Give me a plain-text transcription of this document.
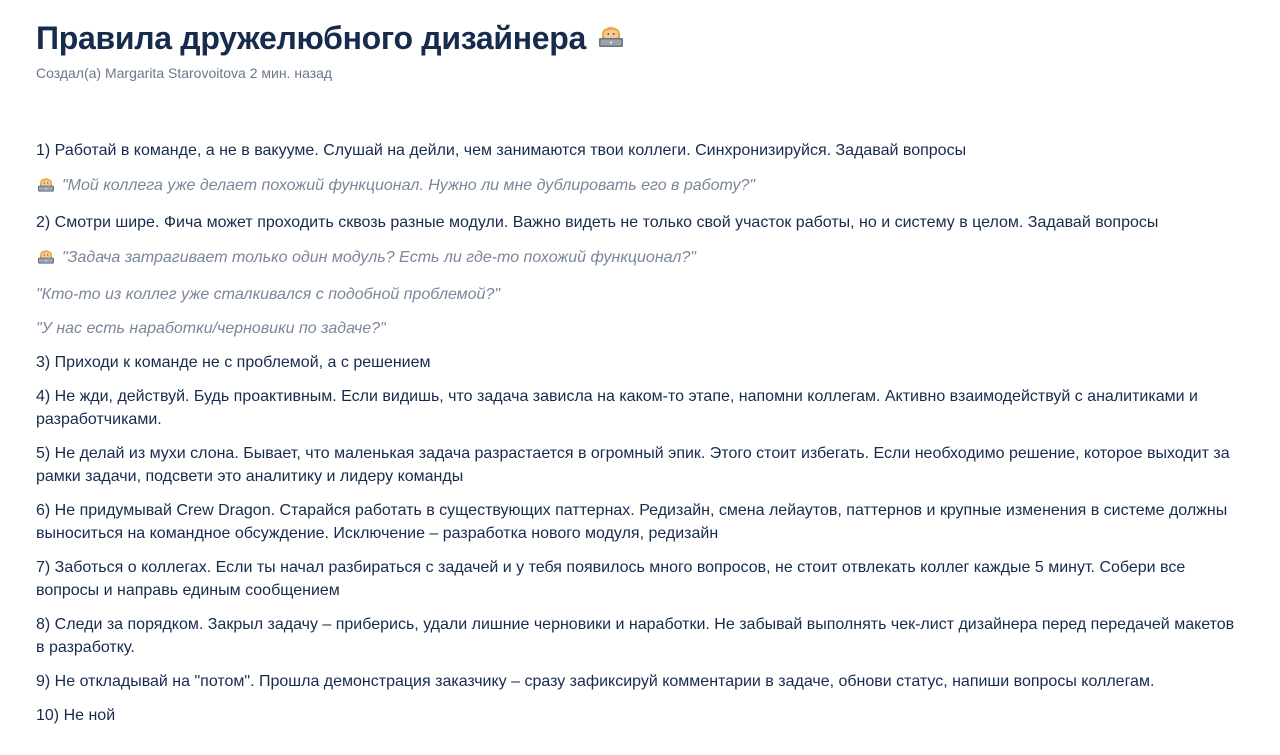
Правила дружелюбного дизайнера
Создал(а) Margarita Starovoitova 2 мин. назад

1) Работай в команде, а не в вакууме. Слушай на дейли, чем занимаются твои коллеги. Синхронизируйся. Задавай вопросы

"Мой коллега уже делает похожий функционал. Нужно ли мне дублировать его в работу?"

2) Смотри шире. Фича может проходить сквозь разные модули. Важно видеть не только свой участок работы, но и систему в целом. Задавай вопросы

"Задача затрагивает только один модуль? Есть ли где-то похожий функционал?"

"Кто-то из коллег уже сталкивался с подобной проблемой?"

"У нас есть наработки/черновики по задаче?"

3) Приходи к команде не с проблемой, а с решением

4) Не жди, действуй. Будь проактивным. Если видишь, что задача зависла на каком-то этапе, напомни коллегам. Активно взаимодействуй с аналитиками и разработчиками.

5) Не делай из мухи слона. Бывает, что маленькая задача разрастается в огромный эпик. Этого стоит избегать. Если необходимо решение, которое выходит за рамки задачи, подсвети это аналитику и лидеру команды

6) Не придумывай Crew Dragon. Старайся работать в существующих паттернах. Редизайн, смена лейаутов, паттернов и крупные изменения в системе должны выноситься на командное обсуждение. Исключение – разработка нового модуля, редизайн

7) Заботься о коллегах. Если ты начал разбираться с задачей и у тебя появилось много вопросов, не стоит отвлекать коллег каждые 5 минут. Собери все вопросы и направь единым сообщением

8) Следи за порядком. Закрыл задачу – приберись, удали лишние черновики и наработки. Не забывай выполнять чек-лист дизайнера перед передачей макетов в разработку.

9) Не откладывай на "потом". Прошла демонстрация заказчику – сразу зафиксируй комментарии в задаче, обнови статус, напиши вопросы коллегам.

10) Не ной
